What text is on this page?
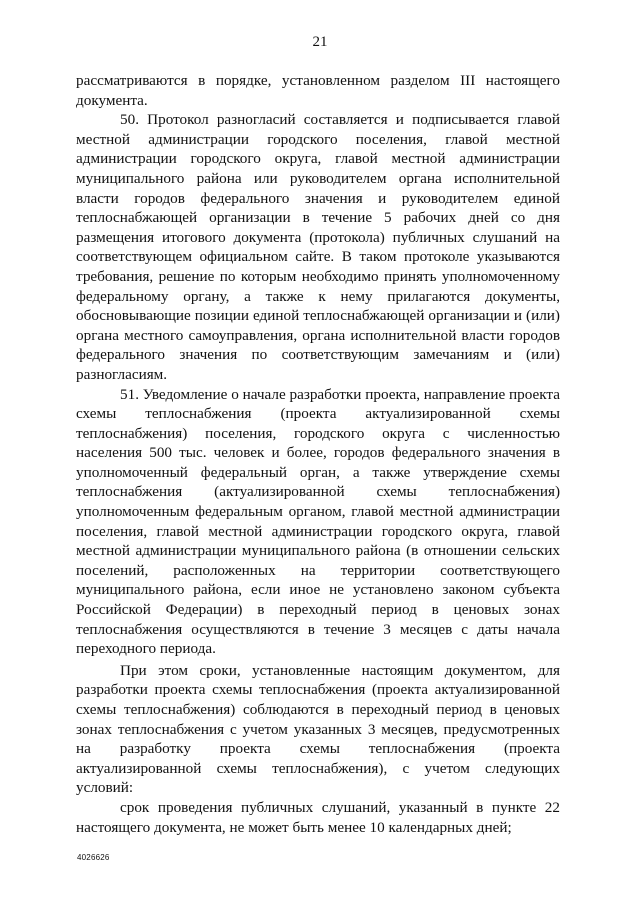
21

рассматриваются в порядке, установленном разделом III настоящего документа.

50. Протокол разногласий составляется и подписывается главой местной администрации городского поселения, главой местной администрации городского округа, главой местной администрации муниципального района или руководителем органа исполнительной власти городов федерального значения и руководителем единой теплоснабжающей организации в течение 5 рабочих дней со дня размещения итогового документа (протокола) публичных слушаний на соответствующем официальном сайте. В таком протоколе указываются требования, решение по которым необходимо принять уполномоченному федеральному органу, а также к нему прилагаются документы, обосновывающие позиции единой теплоснабжающей организации и (или) органа местного самоуправления, органа исполнительной власти городов федерального значения по соответствующим замечаниям и (или) разногласиям.

51. Уведомление о начале разработки проекта, направление проекта схемы теплоснабжения (проекта актуализированной схемы теплоснабжения) поселения, городского округа с численностью населения 500 тыс. человек и более, городов федерального значения в уполномоченный федеральный орган, а также утверждение схемы теплоснабжения (актуализированной схемы теплоснабжения) уполномоченным федеральным органом, главой местной администрации поселения, главой местной администрации городского округа, главой местной администрации муниципального района (в отношении сельских поселений, расположенных на территории соответствующего муниципального района, если иное не установлено законом субъекта Российской Федерации) в переходный период в ценовых зонах теплоснабжения осуществляются в течение 3 месяцев с даты начала переходного периода.

При этом сроки, установленные настоящим документом, для разработки проекта схемы теплоснабжения (проекта актуализированной схемы теплоснабжения) соблюдаются в переходный период в ценовых зонах теплоснабжения с учетом указанных 3 месяцев, предусмотренных на разработку проекта схемы теплоснабжения (проекта актуализированной схемы теплоснабжения), с учетом следующих условий:

срок проведения публичных слушаний, указанный в пункте 22 настоящего документа, не может быть менее 10 календарных дней;

4026626
